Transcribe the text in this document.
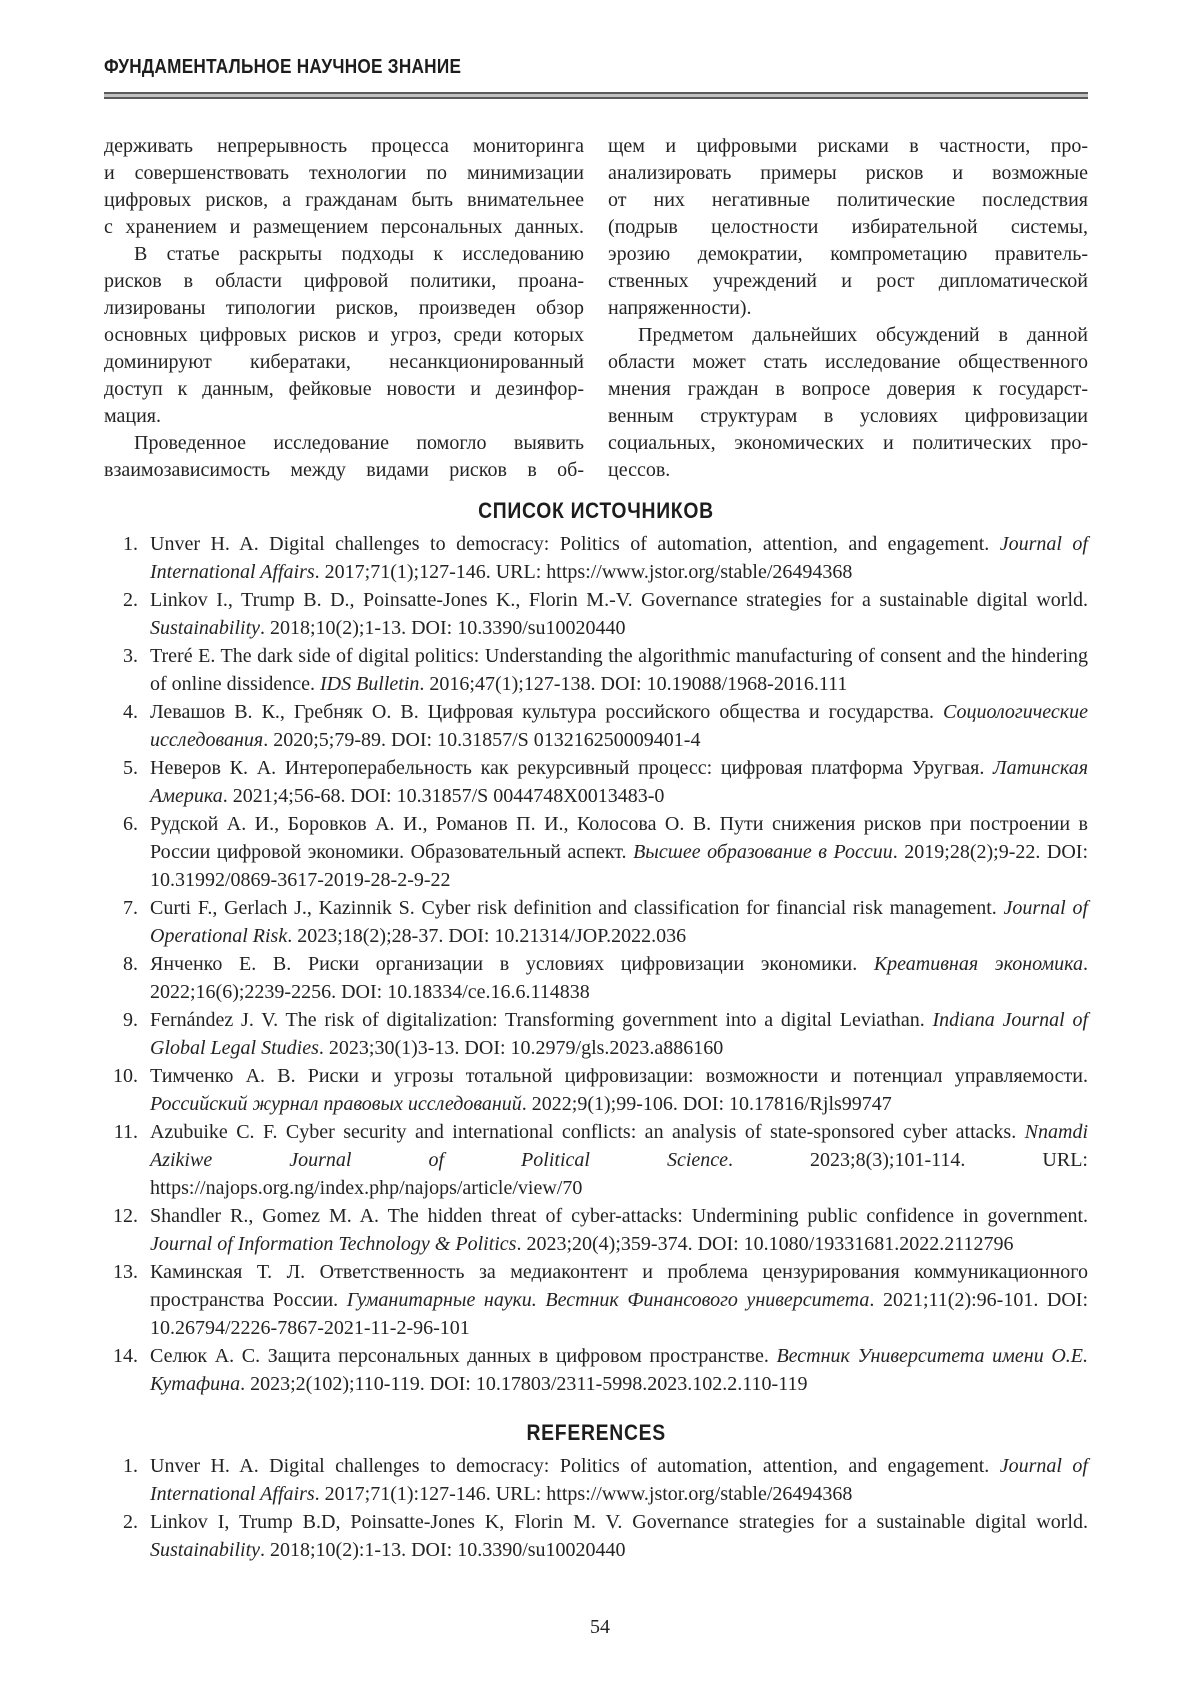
ФУНДАМЕНТАЛЬНОЕ НАУЧНОЕ ЗНАНИЕ
держивать непрерывность процесса мониторинга
и совершенствовать технологии по минимизации
цифровых рисков, а гражданам быть внимательнее
с хранением и размещением персональных данных.
В статье раскрыты подходы к исследованию
рисков в области цифровой политики, проана-
лизированы типологии рисков, произведен обзор
основных цифровых рисков и угроз, среди которых
доминируют кибератаки, несанкционированный
доступ к данным, фейковые новости и дезинфор-
мация.
Проведенное исследование помогло выявить
взаимозависимость между видами рисков в об-
щем и цифровыми рисками в частности, про-
анализировать примеры рисков и возможные
от них негативные политические последствия
(подрыв целостности избирательной системы,
эрозию демократии, компрометацию правитель-
ственных учреждений и рост дипломатической
напряженности).
Предметом дальнейших обсуждений в данной
области может стать исследование общественного
мнения граждан в вопросе доверия к государст-
венным структурам в условиях цифровизации
социальных, экономических и политических про-
цессов.
СПИСОК ИСТОЧНИКОВ
1. Unver H. A. Digital challenges to democracy: Politics of automation, attention, and engagement. Journal of International Affairs. 2017;71(1);127-146. URL: https://www.jstor.org/stable/26494368
2. Linkov I., Trump B. D., Poinsatte-Jones K., Florin M.-V. Governance strategies for a sustainable digital world. Sustainability. 2018;10(2);1-13. DOI: 10.3390/su10020440
3. Treré E. The dark side of digital politics: Understanding the algorithmic manufacturing of consent and the hindering of online dissidence. IDS Bulletin. 2016;47(1);127-138. DOI: 10.19088/1968-2016.111
4. Левашов В. К., Гребняк О. В. Цифровая культура российского общества и государства. Социологические исследования. 2020;5;79-89. DOI: 10.31857/S 013216250009401-4
5. Неверов К. А. Интероперабельность как рекурсивный процесс: цифровая платформа Уругвая. Латинская Америка. 2021;4;56-68. DOI: 10.31857/S 0044748X0013483-0
6. Рудской А. И., Боровков А. И., Романов П. И., Колосова О. В. Пути снижения рисков при построении в России цифровой экономики. Образовательный аспект. Высшее образование в России. 2019;28(2);9-22. DOI: 10.31992/0869-3617-2019-28-2-9-22
7. Curti F., Gerlach J., Kazinnik S. Cyber risk definition and classification for financial risk management. Journal of Operational Risk. 2023;18(2);28-37. DOI: 10.21314/JOP.2022.036
8. Янченко Е. В. Риски организации в условиях цифровизации экономики. Креативная экономика. 2022;16(6);2239-2256. DOI: 10.18334/ce.16.6.114838
9. Fernández J. V. The risk of digitalization: Transforming government into a digital Leviathan. Indiana Journal of Global Legal Studies. 2023;30(1)3-13. DOI: 10.2979/gls.2023.a886160
10. Тимченко А. В. Риски и угрозы тотальной цифровизации: возможности и потенциал управляемости. Российский журнал правовых исследований. 2022;9(1);99-106. DOI: 10.17816/Rjls99747
11. Azubuike C. F. Cyber security and international conflicts: an analysis of state-sponsored cyber attacks. Nnamdi Azikiwe Journal of Political Science. 2023;8(3);101-114. URL: https://najops.org.ng/index.php/najops/article/view/70
12. Shandler R., Gomez M. A. The hidden threat of cyber-attacks: Undermining public confidence in government. Journal of Information Technology & Politics. 2023;20(4);359-374. DOI: 10.1080/19331681.2022.2112796
13. Каминская Т. Л. Ответственность за медиаконтент и проблема цензурирования коммуникационного пространства России. Гуманитарные науки. Вестник Финансового университета. 2021;11(2):96-101. DOI: 10.26794/2226-7867-2021-11-2-96-101
14. Селюк А. С. Защита персональных данных в цифровом пространстве. Вестник Университета имени О.Е. Кутафина. 2023;2(102);110-119. DOI: 10.17803/2311-5998.2023.102.2.110-119
REFERENCES
1. Unver H. A. Digital challenges to democracy: Politics of automation, attention, and engagement. Journal of International Affairs. 2017;71(1):127-146. URL: https://www.jstor.org/stable/26494368
2. Linkov I, Trump B.D, Poinsatte-Jones K, Florin M. V. Governance strategies for a sustainable digital world. Sustainability. 2018;10(2):1-13. DOI: 10.3390/su10020440
54
